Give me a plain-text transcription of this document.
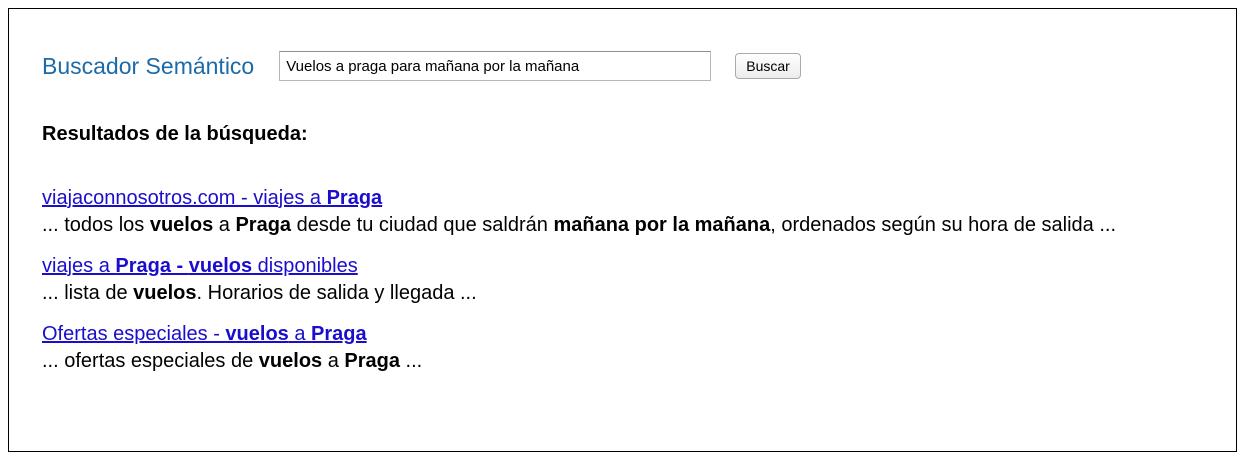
Buscador Semántico
Vuelos a praga para mañana por la mañana	Buscar
Resultados de la búsqueda:
viajaconnosotros.com - viajes a Praga
... todos los vuelos a Praga desde tu ciudad que saldrán mañana por la mañana, ordenados según su hora de salida ...
viajes a Praga - vuelos disponibles
... lista de vuelos. Horarios de salida y llegada ...
Ofertas especiales - vuelos a Praga
... ofertas especiales de vuelos a Praga ...
